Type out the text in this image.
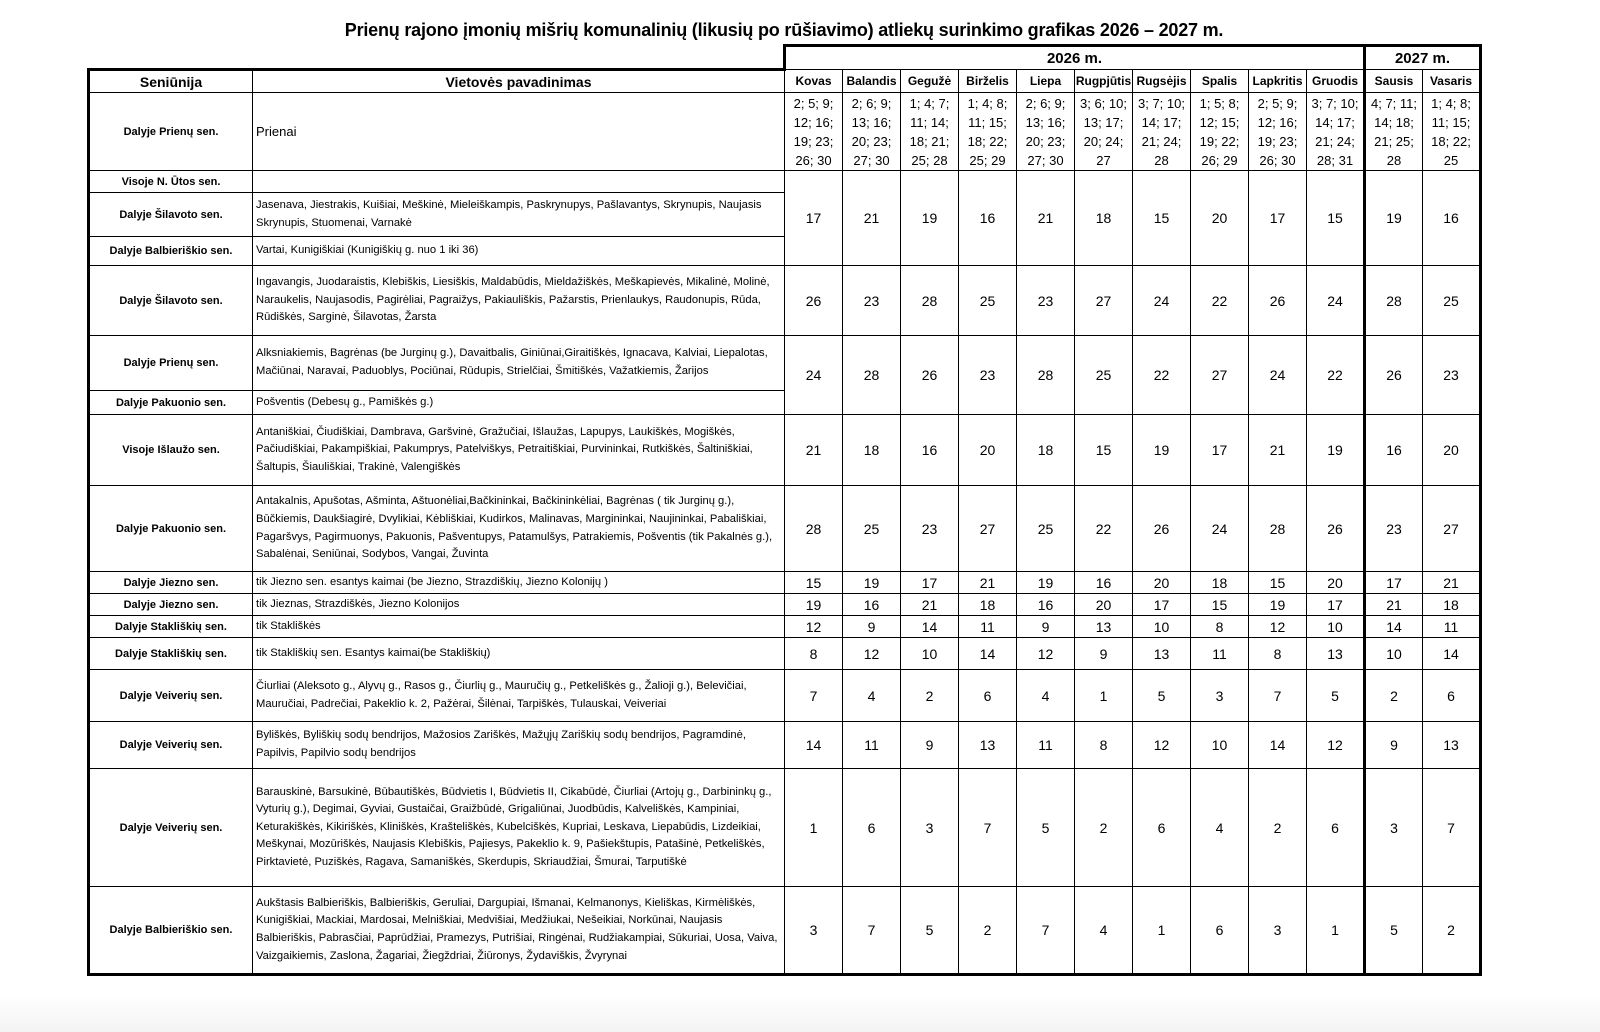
Prienų rajono įmonių mišrių komunalinių (likusių po rūšiavimo) atliekų surinkimo grafikas 2026 – 2027 m.
		2026 m.										2027 m.	
Seniūnija	Vietovės pavadinimas	Kovas	Balandis	Gegužė	Birželis	Liepa	Rugpjūtis	Rugsėjis	Spalis	Lapkritis	Gruodis	Sausis	Vasaris
Dalyje Prienų sen.	Prienai	2; 5; 9;
12; 16;
19; 23;
26; 30	2; 6; 9;
13; 16;
20; 23;
27; 30	1; 4; 7;
11; 14;
18; 21;
25; 28	1; 4; 8;
11; 15;
18; 22;
25; 29	2; 6; 9;
13; 16;
20; 23;
27; 30	3; 6; 10;
13; 17;
20; 24;
27	3; 7; 10;
14; 17;
21; 24;
28	1; 5; 8;
12; 15;
19; 22;
26; 29	2; 5; 9;
12; 16;
19; 23;
26; 30	3; 7; 10;
14; 17;
21; 24;
28; 31	4; 7; 11;
14; 18;
21; 25;
28	1; 4; 8;
11; 15;
18; 22;
25

Visoje N. Ūtos sen.		17	21	19	16	21	18	15	20	17	15	19	16
Dalyje Šilavoto sen.	Jasenava, Jiestrakis, Kuišiai, Meškinė, Mieleiškampis, Paskrynupys, Pašlavantys, Skrynupis, Naujasis Skrynupis, Stuomenai, Varnakė												
Dalyje Balbieriškio sen.	Vartai, Kunigiškiai (Kunigiškių g. nuo 1 iki 36)												
Dalyje Šilavoto sen.	Ingavangis, Juodaraistis, Klebiškis, Liesiškis, Maldabūdis, Mieldažiškės, Meškapievės, Mikalinė, Molinė, Naraukelis, Naujasodis, Pagirėliai, Pagraižys, Pakiauliškis, Pažarstis, Prienlaukys, Raudonupis, Rūda, Rūdiškės, Sarginė, Šilavotas, Žarsta	26	23	28	25	23	27	24	22	26	24	28	25
Dalyje Prienų sen.	Alksniakiemis, Bagrėnas (be Jurginų g.), Davaitbalis, Giniūnai,Giraitiškės, Ignacava, Kalviai, Liepalotas, Mačiūnai, Naravai, Paduoblys, Pociūnai, Rūdupis, Strielčiai, Šmitiškės, Važatkiemis, Žarijos	24	28	26	23	28	25	22	27	24	22	26	23
Dalyje Pakuonio sen.	Pošventis (Debesų g., Pamiškės g.)												
Visoje Išlaužo sen.	Antaniškiai, Čiudiškiai, Dambrava, Garšvinė, Gražučiai, Išlaužas, Lapupys, Laukiškės, Mogiškės, Pačiudiškiai, Pakampiškiai, Pakumprys, Patelviškys, Petraitiškiai, Purvininkai, Rutkiškės, Šaltiniškiai, Šaltupis, Šiauliškiai, Trakinė, Valengiškės	21	18	16	20	18	15	19	17	21	19	16	20
Dalyje Pakuonio sen.	Antakalnis, Apušotas, Ašminta, Aštuonėliai,Bačkininkai, Bačkininkėliai, Bagrėnas ( tik Jurginų g.), Būčkiemis, Daukšiagirė, Dvylikiai, Kėbliškiai, Kudirkos, Malinavas, Margininkai, Naujininkai, Pabališkiai, Pagaršvys, Pagirmuonys, Pakuonis, Pašventupys, Patamulšys, Patrakiemis, Pošventis (tik Pakalnės g.), Sabalėnai, Seniūnai, Sodybos, Vangai, Žuvinta	28	25	23	27	25	22	26	24	28	26	23	27
Dalyje Jiezno sen.	tik Jiezno sen. esantys kaimai (be Jiezno, Strazdiškių, Jiezno Kolonijų )	15	19	17	21	19	16	20	18	15	20	17	21
Dalyje Jiezno sen.	tik Jieznas, Strazdiškės, Jiezno Kolonijos	19	16	21	18	16	20	17	15	19	17	21	18
Dalyje Stakliškių sen.	tik Stakliškės	12	9	14	11	9	13	10	8	12	10	14	11
Dalyje Stakliškių sen.	tik Stakliškių sen. Esantys kaimai(be Stakliškių)	8	12	10	14	12	9	13	11	8	13	10	14
Dalyje Veiverių sen.	Čiurliai (Aleksoto g., Alyvų g., Rasos g., Čiurlių g., Mauručių g., Petkeliškės g., Žalioji g.), Belevičiai, Mauručiai, Padrečiai, Pakeklio k. 2, Pažėrai, Šilėnai, Tarpiškės, Tulauskai, Veiveriai	7	4	2	6	4	1	5	3	7	5	2	6
Dalyje Veiverių sen.	Byliškės, Byliškių sodų bendrijos, Mažosios Zariškės, Mažųjų Zariškių sodų bendrijos, Pagramdinė, Papilvis, Papilvio sodų bendrijos	14	11	9	13	11	8	12	10	14	12	9	13
Dalyje Veiverių sen.	Barauskinė, Barsukinė, Būbautiškės, Būdvietis I, Būdvietis II, Cikabūdė, Čiurliai (Artojų g., Darbininkų g., Vyturių g.), Degimai, Gyviai, Gustaičai, Graižbūdė, Grigaliūnai, Juodbūdis, Kalveliškės, Kampiniai, Keturakiškės, Kikiriškės, Kliniškės, Krašteliškės, Kubelciškės, Kupriai, Leskava, Liepabūdis, Lizdeikiai, Meškynai, Mozūriškės, Naujasis Klebiškis, Pajiesys, Pakeklio k. 9, Pašiekštupis, Patašinė, Petkeliškės, Pirktavietė, Puziškės, Ragava, Samaniškės, Skerdupis, Skriaudžiai, Šmurai, Tarputiškė	1	6	3	7	5	2	6	4	2	6	3	7
Dalyje Balbieriškio sen.	Aukštasis Balbieriškis, Balbieriškis, Geruliai, Dargupiai, Išmanai, Kelmanonys, Kieliškas, Kirmėliškės, Kunigiškiai, Mackiai, Mardosai, Melniškiai, Medvišiai, Medžiukai, Nešeikiai, Norkūnai, Naujasis Balbieriškis, Pabrasčiai, Paprūdžiai, Pramezys, Putrišiai, Ringėnai, Rudžiakampiai, Sūkuriai, Uosa, Vaiva, Vaizgaikiemis, Zaslona, Žagariai, Žiegždriai, Žiūronys, Žydaviškis, Žvyrynai	3	7	5	2	7	4	1	6	3	1	5	2
